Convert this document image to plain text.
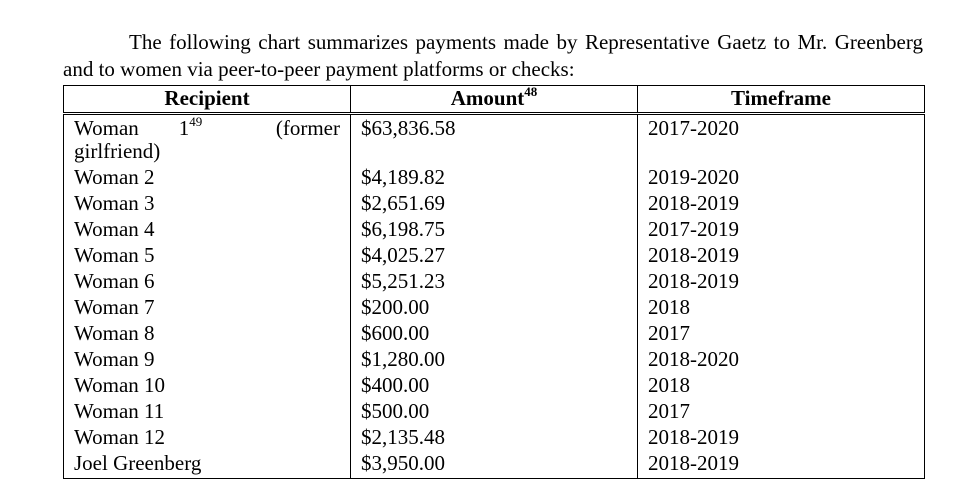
The following chart summarizes payments made by Representative Gaetz to Mr. Greenberg and to women via peer-to-peer payment platforms or checks:

Recipient	Amount$^{48}$	Timeframe
Woman $1^{49}$ (former girlfriend)	$63,836.58	2017-2020
Woman 2	$4,189.82	2019-2020
Woman 3	$2,651.69	2018-2019
Woman 4	$6,198.75	2017-2019
Woman 5	$4,025.27	2018-2019
Woman 6	$5,251.23	2018-2019
Woman 7	$200.00	2018
Woman 8	$600.00	2017
Woman 9	$1,280.00	2018-2020
Woman 10	$400.00	2018
Woman 11	$500.00	2017
Woman 12	$2,135.48	2018-2019
Joel Greenberg	$3,950.00	2018-2019
